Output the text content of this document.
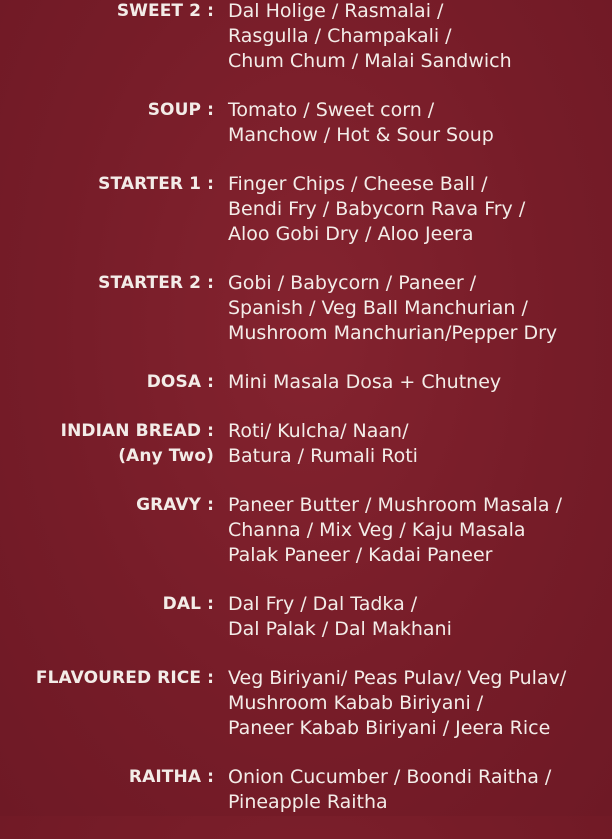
SWEET 2 : Dal Holige / Rasmalai /
Rasgulla / Champakali /
Chum Chum / Malai Sandwich
SOUP : Tomato / Sweet corn /
Manchow / Hot & Sour Soup
STARTER 1 : Finger Chips / Cheese Ball /
Bendi Fry / Babycorn Rava Fry /
Aloo Gobi Dry / Aloo Jeera
STARTER 2 : Gobi / Babycorn / Paneer /
Spanish / Veg Ball Manchurian /
Mushroom Manchurian/Pepper Dry
DOSA : Mini Masala Dosa + Chutney
INDIAN BREAD :
(Any Two)
Roti/ Kulcha/ Naan/
Batura / Rumali Roti
GRAVY : Paneer Butter / Mushroom Masala /
Channa / Mix Veg / Kaju Masala
Palak Paneer / Kadai Paneer
DAL : Dal Fry / Dal Tadka /
Dal Palak / Dal Makhani
FLAVOURED RICE : Veg Biriyani/ Peas Pulav/ Veg Pulav/
Mushroom Kabab Biriyani /
Paneer Kabab Biriyani / Jeera Rice
RAITHA : Onion Cucumber / Boondi Raitha /
Pineapple Raitha
